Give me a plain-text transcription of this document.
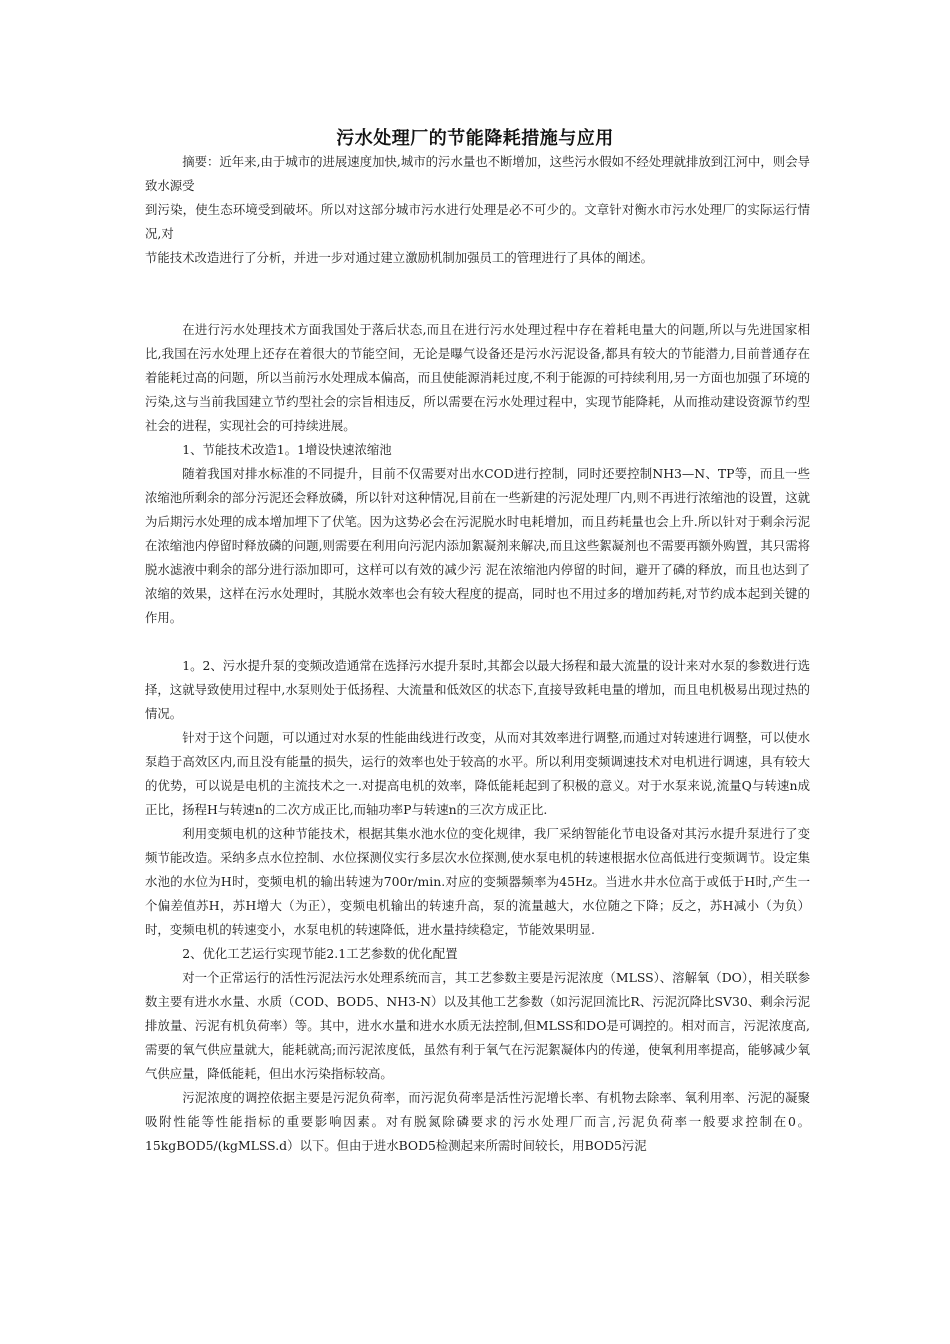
污水处理厂的节能降耗措施与应用

摘要：近年来,由于城市的进展速度加快,城市的污水量也不断增加，这些污水假如不经处理就排放到江河中，则会导致水源受

到污染，使生态环境受到破坏。所以对这部分城市污水进行处理是必不可少的。文章针对衡水市污水处理厂的实际运行情况,对

节能技术改造进行了分析，并进一步对通过建立激励机制加强员工的管理进行了具体的阐述。

在进行污水处理技术方面我国处于落后状态,而且在进行污水处理过程中存在着耗电量大的问题,所以与先进国家相比,我国在污水处理上还存在着很大的节能空间，无论是曝气设备还是污水污泥设备,都具有较大的节能潜力,目前普通存在着能耗过高的问题，所以当前污水处理成本偏高，而且使能源消耗过度,不利于能源的可持续利用,另一方面也加强了环境的污染,这与当前我国建立节约型社会的宗旨相违反，所以需要在污水处理过程中，实现节能降耗，从而推动建设资源节约型社会的进程，实现社会的可持续进展。

1、节能技术改造1。1增设快速浓缩池

随着我国对排水标准的不同提升，目前不仅需要对出水COD进行控制，同时还要控制NH3—N、TP等，而且一些浓缩池所剩余的部分污泥还会释放磷，所以针对这种情况,目前在一些新建的污泥处理厂内,则不再进行浓缩池的设置，这就为后期污水处理的成本增加埋下了伏笔。因为这势必会在污泥脱水时电耗增加，而且药耗量也会上升.所以针对于剩余污泥在浓缩池内停留时释放磷的问题,则需要在利用向污泥内添加絮凝剂来解决,而且这些絮凝剂也不需要再额外购置，其只需将脱水滤液中剩余的部分进行添加即可，这样可以有效的减少污 泥在浓缩池内停留的时间，避开了磷的释放，而且也达到了浓缩的效果，这样在污水处理时，其脱水效率也会有较大程度的提高，同时也不用过多的增加药耗,对节约成本起到关键的作用。

1。2、污水提升泵的变频改造通常在选择污水提升泵时,其都会以最大扬程和最大流量的设计来对水泵的参数进行选择，这就导致使用过程中,水泵则处于低扬程、大流量和低效区的状态下,直接导致耗电量的增加，而且电机极易出现过热的情况。

针对于这个问题，可以通过对水泵的性能曲线进行改变，从而对其效率进行调整,而通过对转速进行调整，可以使水泵趋于高效区内,而且没有能量的损失，运行的效率也处于较高的水平。所以利用变频调速技术对电机进行调速，具有较大的优势，可以说是电机的主流技术之一.对提高电机的效率，降低能耗起到了积极的意义。对于水泵来说,流量Q与转速n成正比，扬程H与转速n的二次方成正比,而轴功率P与转速n的三次方成正比.

利用变频电机的这种节能技术，根据其集水池水位的变化规律，我厂采纳智能化节电设备对其污水提升泵进行了变频节能改造。采纳多点水位控制、水位探测仪实行多层次水位探测,使水泵电机的转速根据水位高低进行变频调节。设定集水池的水位为H时，变频电机的输出转速为700r/min.对应的变频器频率为45Hz。当进水井水位高于或低于H时,产生一个偏差值苏H，苏H增大（为正），变频电机输出的转速升高，泵的流量越大，水位随之下降；反之，苏H减小（为负）时，变频电机的转速变小，水泵电机的转速降低，进水量持续稳定，节能效果明显.

2、优化工艺运行实现节能2.1工艺参数的优化配置

对一个正常运行的活性污泥法污水处理系统而言，其工艺参数主要是污泥浓度（MLSS）、溶解氧（DO），相关联参数主要有进水水量、水质（COD、BOD5、NH3-N）以及其他工艺参数（如污泥回流比R、污泥沉降比SV30、剩余污泥排放量、污泥有机负荷率）等。其中，进水水量和进水水质无法控制,但MLSS和DO是可调控的。相对而言，污泥浓度高,需要的氧气供应量就大，能耗就高;而污泥浓度低，虽然有利于氧气在污泥絮凝体内的传递，使氧利用率提高，能够减少氧气供应量，降低能耗，但出水污染指标较高。

污泥浓度的调控依据主要是污泥负荷率，而污泥负荷率是活性污泥增长率、有机物去除率、氧利用率、污泥的凝聚吸附性能等性能指标的重要影响因素。对有脱氮除磷要求的污水处理厂而言,污泥负荷率一般要求控制在0。15kgBOD5/(kgMLSS.d）以下。但由于进水BOD5检测起来所需时间较长，用BOD5污泥
